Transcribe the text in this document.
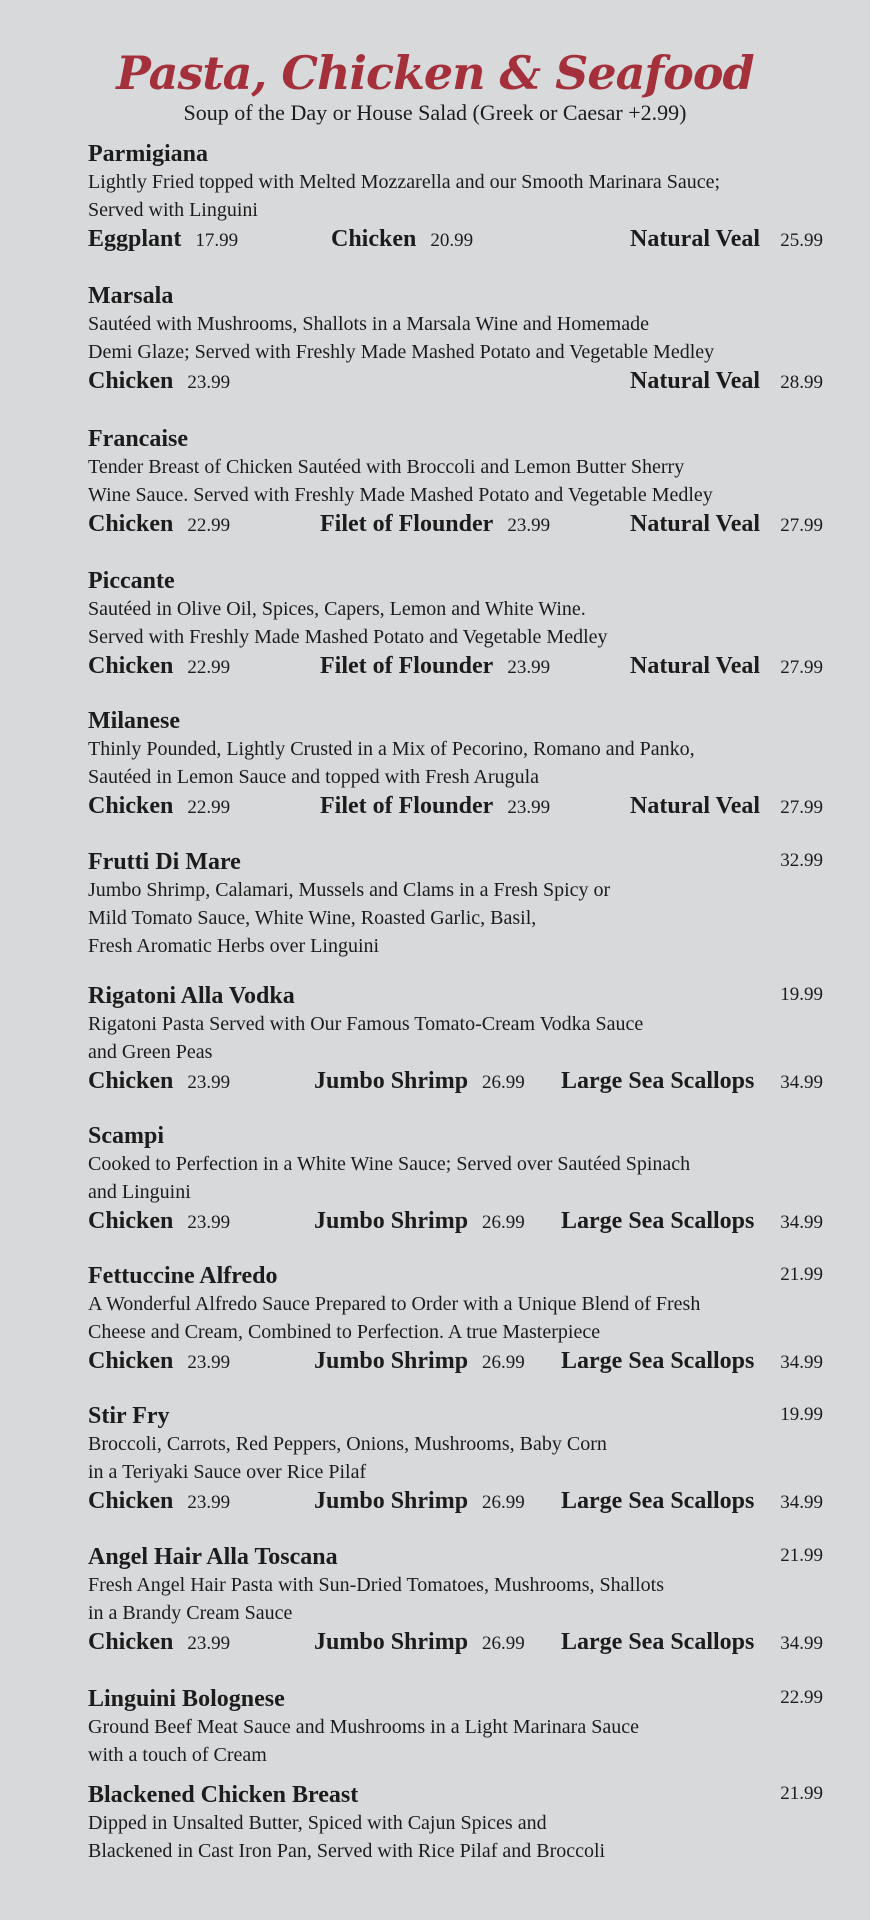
Pasta, Chicken & Seafood
Soup of the Day or House Salad (Greek or Caesar +2.99)
Parmigiana
Lightly Fried topped with Melted Mozzarella and our Smooth Marinara Sauce;
Served with Linguini
Eggplant 17.99	Chicken 20.99	Natural Veal 25.99
Marsala
Sautéed with Mushrooms, Shallots in a Marsala Wine and Homemade
Demi Glaze; Served with Freshly Made Mashed Potato and Vegetable Medley
Chicken 23.99	Natural Veal 28.99
Francaise
Tender Breast of Chicken Sautéed with Broccoli and Lemon Butter Sherry
Wine Sauce. Served with Freshly Made Mashed Potato and Vegetable Medley
Chicken 22.99	Filet of Flounder 23.99	Natural Veal 27.99
Piccante
Sautéed in Olive Oil, Spices, Capers, Lemon and White Wine.
Served with Freshly Made Mashed Potato and Vegetable Medley
Chicken 22.99	Filet of Flounder 23.99	Natural Veal 27.99
Milanese
Thinly Pounded, Lightly Crusted in a Mix of Pecorino, Romano and Panko,
Sautéed in Lemon Sauce and topped with Fresh Arugula
Chicken 22.99	Filet of Flounder 23.99	Natural Veal 27.99
Frutti Di Mare	32.99
Jumbo Shrimp, Calamari, Mussels and Clams in a Fresh Spicy or
Mild Tomato Sauce, White Wine, Roasted Garlic, Basil,
Fresh Aromatic Herbs over Linguini
Rigatoni Alla Vodka	19.99
Rigatoni Pasta Served with Our Famous Tomato-Cream Vodka Sauce
and Green Peas
Chicken 23.99	Jumbo Shrimp 26.99 Large Sea Scallops 34.99
Scampi
Cooked to Perfection in a White Wine Sauce; Served over Sautéed Spinach
and Linguini
Chicken 23.99	Jumbo Shrimp 26.99 Large Sea Scallops 34.99
Fettuccine Alfredo	21.99
A Wonderful Alfredo Sauce Prepared to Order with a Unique Blend of Fresh
Cheese and Cream, Combined to Perfection. A true Masterpiece
Chicken 23.99	Jumbo Shrimp 26.99 Large Sea Scallops 34.99
Stir Fry	19.99
Broccoli, Carrots, Red Peppers, Onions, Mushrooms, Baby Corn
in a Teriyaki Sauce over Rice Pilaf
Chicken 23.99	Jumbo Shrimp 26.99 Large Sea Scallops 34.99
Angel Hair Alla Toscana	21.99
Fresh Angel Hair Pasta with Sun-Dried Tomatoes, Mushrooms, Shallots
in a Brandy Cream Sauce
Chicken 23.99	Jumbo Shrimp 26.99 Large Sea Scallops 34.99
Linguini Bolognese	22.99
Ground Beef Meat Sauce and Mushrooms in a Light Marinara Sauce
with a touch of Cream
Blackened Chicken Breast	21.99
Dipped in Unsalted Butter, Spiced with Cajun Spices and
Blackened in Cast Iron Pan, Served with Rice Pilaf and Broccoli
